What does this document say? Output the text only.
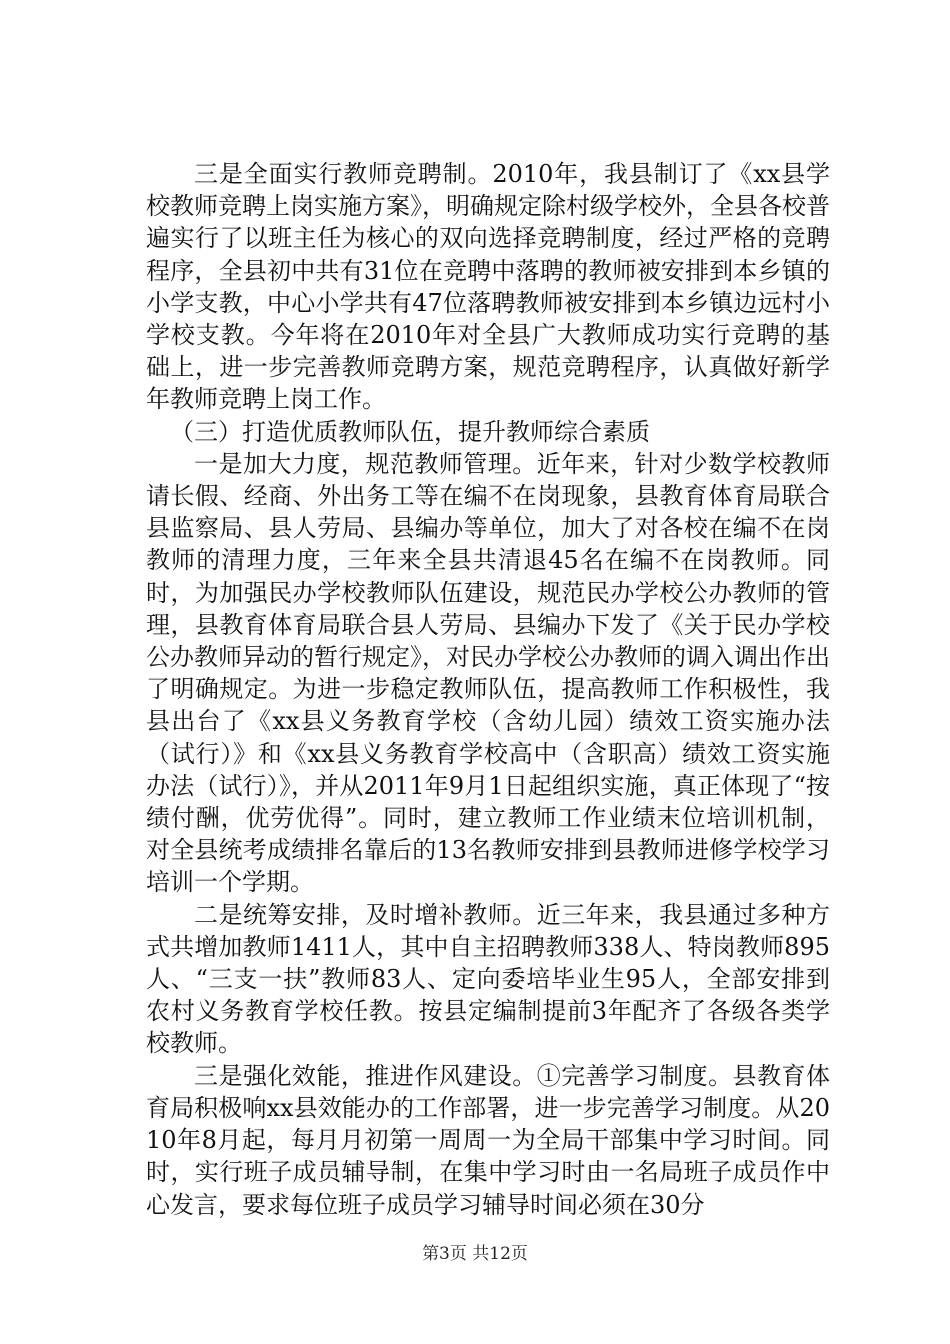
三是全面实行教师竞聘制。2010年，我县制订了《xx县学校教师竞聘上岗实施方案》，明确规定除村级学校外，全县各校普遍实行了以班主任为核心的双向选择竞聘制度，经过严格的竞聘程序，全县初中共有31位在竞聘中落聘的教师被安排到本乡镇的小学支教，中心小学共有47位落聘教师被安排到本乡镇边远村小学校支教。今年将在2010年对全县广大教师成功实行竞聘的基础上，进一步完善教师竞聘方案，规范竞聘程序，认真做好新学年教师竞聘上岗工作。

（三）打造优质教师队伍，提升教师综合素质

一是加大力度，规范教师管理。近年来，针对少数学校教师请长假、经商、外出务工等在编不在岗现象，县教育体育局联合县监察局、县人劳局、县编办等单位，加大了对各校在编不在岗教师的清理力度，三年来全县共清退45名在编不在岗教师。同时，为加强民办学校教师队伍建设，规范民办学校公办教师的管理，县教育体育局联合县人劳局、县编办下发了《关于民办学校公办教师异动的暂行规定》，对民办学校公办教师的调入调出作出了明确规定。为进一步稳定教师队伍，提高教师工作积极性，我县出台了《xx县义务教育学校（含幼儿园）绩效工资实施办法（试行）》和《xx县义务教育学校高中（含职高）绩效工资实施办法（试行）》，并从2011年9月1日起组织实施，真正体现了“按绩付酬，优劳优得”。同时，建立教师工作业绩末位培训机制，对全县统考成绩排名靠后的13名教师安排到县教师进修学校学习培训一个学期。

二是统筹安排，及时增补教师。近三年来，我县通过多种方式共增加教师1411人，其中自主招聘教师338人、特岗教师895人、“三支一扶”教师83人、定向委培毕业生95人，全部安排到农村义务教育学校任教。按县定编制提前3年配齐了各级各类学校教师。

三是强化效能，推进作风建设。①完善学习制度。县教育体育局积极响xx县效能办的工作部署，进一步完善学习制度。从2010年8月起，每月月初第一周周一为全局干部集中学习时间。同时，实行班子成员辅导制，在集中学习时由一名局班子成员作中心发言，要求每位班子成员学习辅导时间必须在30分

第3页 共12页
